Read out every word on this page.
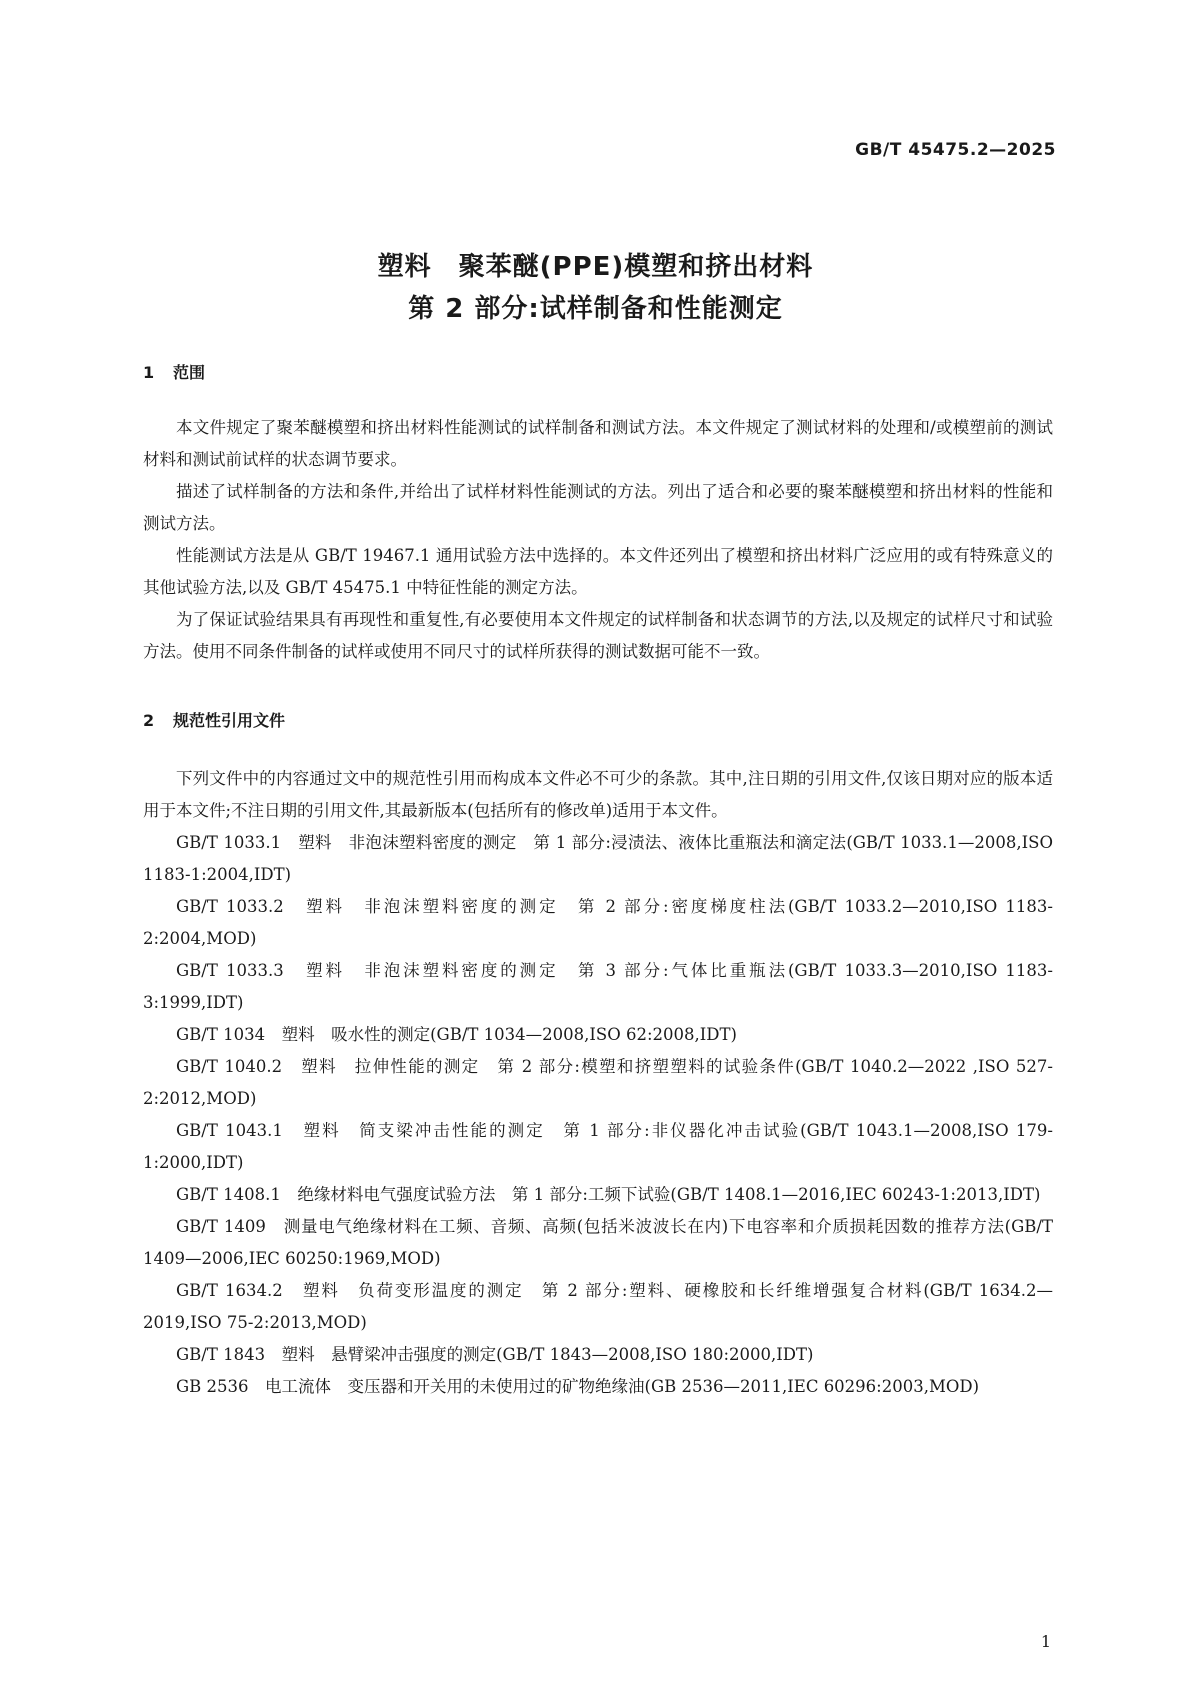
GB/T 45475.2—2025
塑料　聚苯醚(PPE)模塑和挤出材料
第 2 部分:试样制备和性能测定
1 范围

本文件规定了聚苯醚模塑和挤出材料性能测试的试样制备和测试方法。本文件规定了测试材料的处理和/或模塑前的测试材料和测试前试样的状态调节要求。

描述了试样制备的方法和条件,并给出了试样材料性能测试的方法。列出了适合和必要的聚苯醚模塑和挤出材料的性能和测试方法。

性能测试方法是从 GB/T 19467.1 通用试验方法中选择的。本文件还列出了模塑和挤出材料广泛应用的或有特殊意义的其他试验方法,以及 GB/T 45475.1 中特征性能的测定方法。

为了保证试验结果具有再现性和重复性,有必要使用本文件规定的试样制备和状态调节的方法,以及规定的试样尺寸和试验方法。使用不同条件制备的试样或使用不同尺寸的试样所获得的测试数据可能不一致。

2 规范性引用文件

下列文件中的内容通过文中的规范性引用而构成本文件必不可少的条款。其中,注日期的引用文件,仅该日期对应的版本适用于本文件;不注日期的引用文件,其最新版本(包括所有的修改单)适用于本文件。

GB/T 1033.1　塑料　非泡沫塑料密度的测定　第 1 部分:浸渍法、液体比重瓶法和滴定法(GB/T 1033.1—2008,ISO 1183-1:2004,IDT)

GB/T 1033.2　塑料　非泡沫塑料密度的测定　第 2 部分:密度梯度柱法(GB/T 1033.2—2010,ISO 1183-2:2004,MOD)

GB/T 1033.3　塑料　非泡沫塑料密度的测定　第 3 部分:气体比重瓶法(GB/T 1033.3—2010,ISO 1183-3:1999,IDT)

GB/T 1034　塑料　吸水性的测定(GB/T 1034—2008,ISO 62:2008,IDT)

GB/T 1040.2　塑料　拉伸性能的测定　第 2 部分:模塑和挤塑塑料的试验条件(GB/T 1040.2—2022 ,ISO 527-2:2012,MOD)

GB/T 1043.1　塑料　简支梁冲击性能的测定　第 1 部分:非仪器化冲击试验(GB/T 1043.1—2008,ISO 179-1:2000,IDT)

GB/T 1408.1　绝缘材料电气强度试验方法　第 1 部分:工频下试验(GB/T 1408.1—2016,IEC 60243-1:2013,IDT)

GB/T 1409　测量电气绝缘材料在工频、音频、高频(包括米波波长在内)下电容率和介质损耗因数的推荐方法(GB/T 1409—2006,IEC 60250:1969,MOD)

GB/T 1634.2　塑料　负荷变形温度的测定　第 2 部分:塑料、硬橡胶和长纤维增强复合材料(GB/T 1634.2—2019,ISO 75-2:2013,MOD)

GB/T 1843　塑料　悬臂梁冲击强度的测定(GB/T 1843—2008,ISO 180:2000,IDT)

GB 2536　电工流体　变压器和开关用的未使用过的矿物绝缘油(GB 2536—2011,IEC 60296:2003,MOD)

1
